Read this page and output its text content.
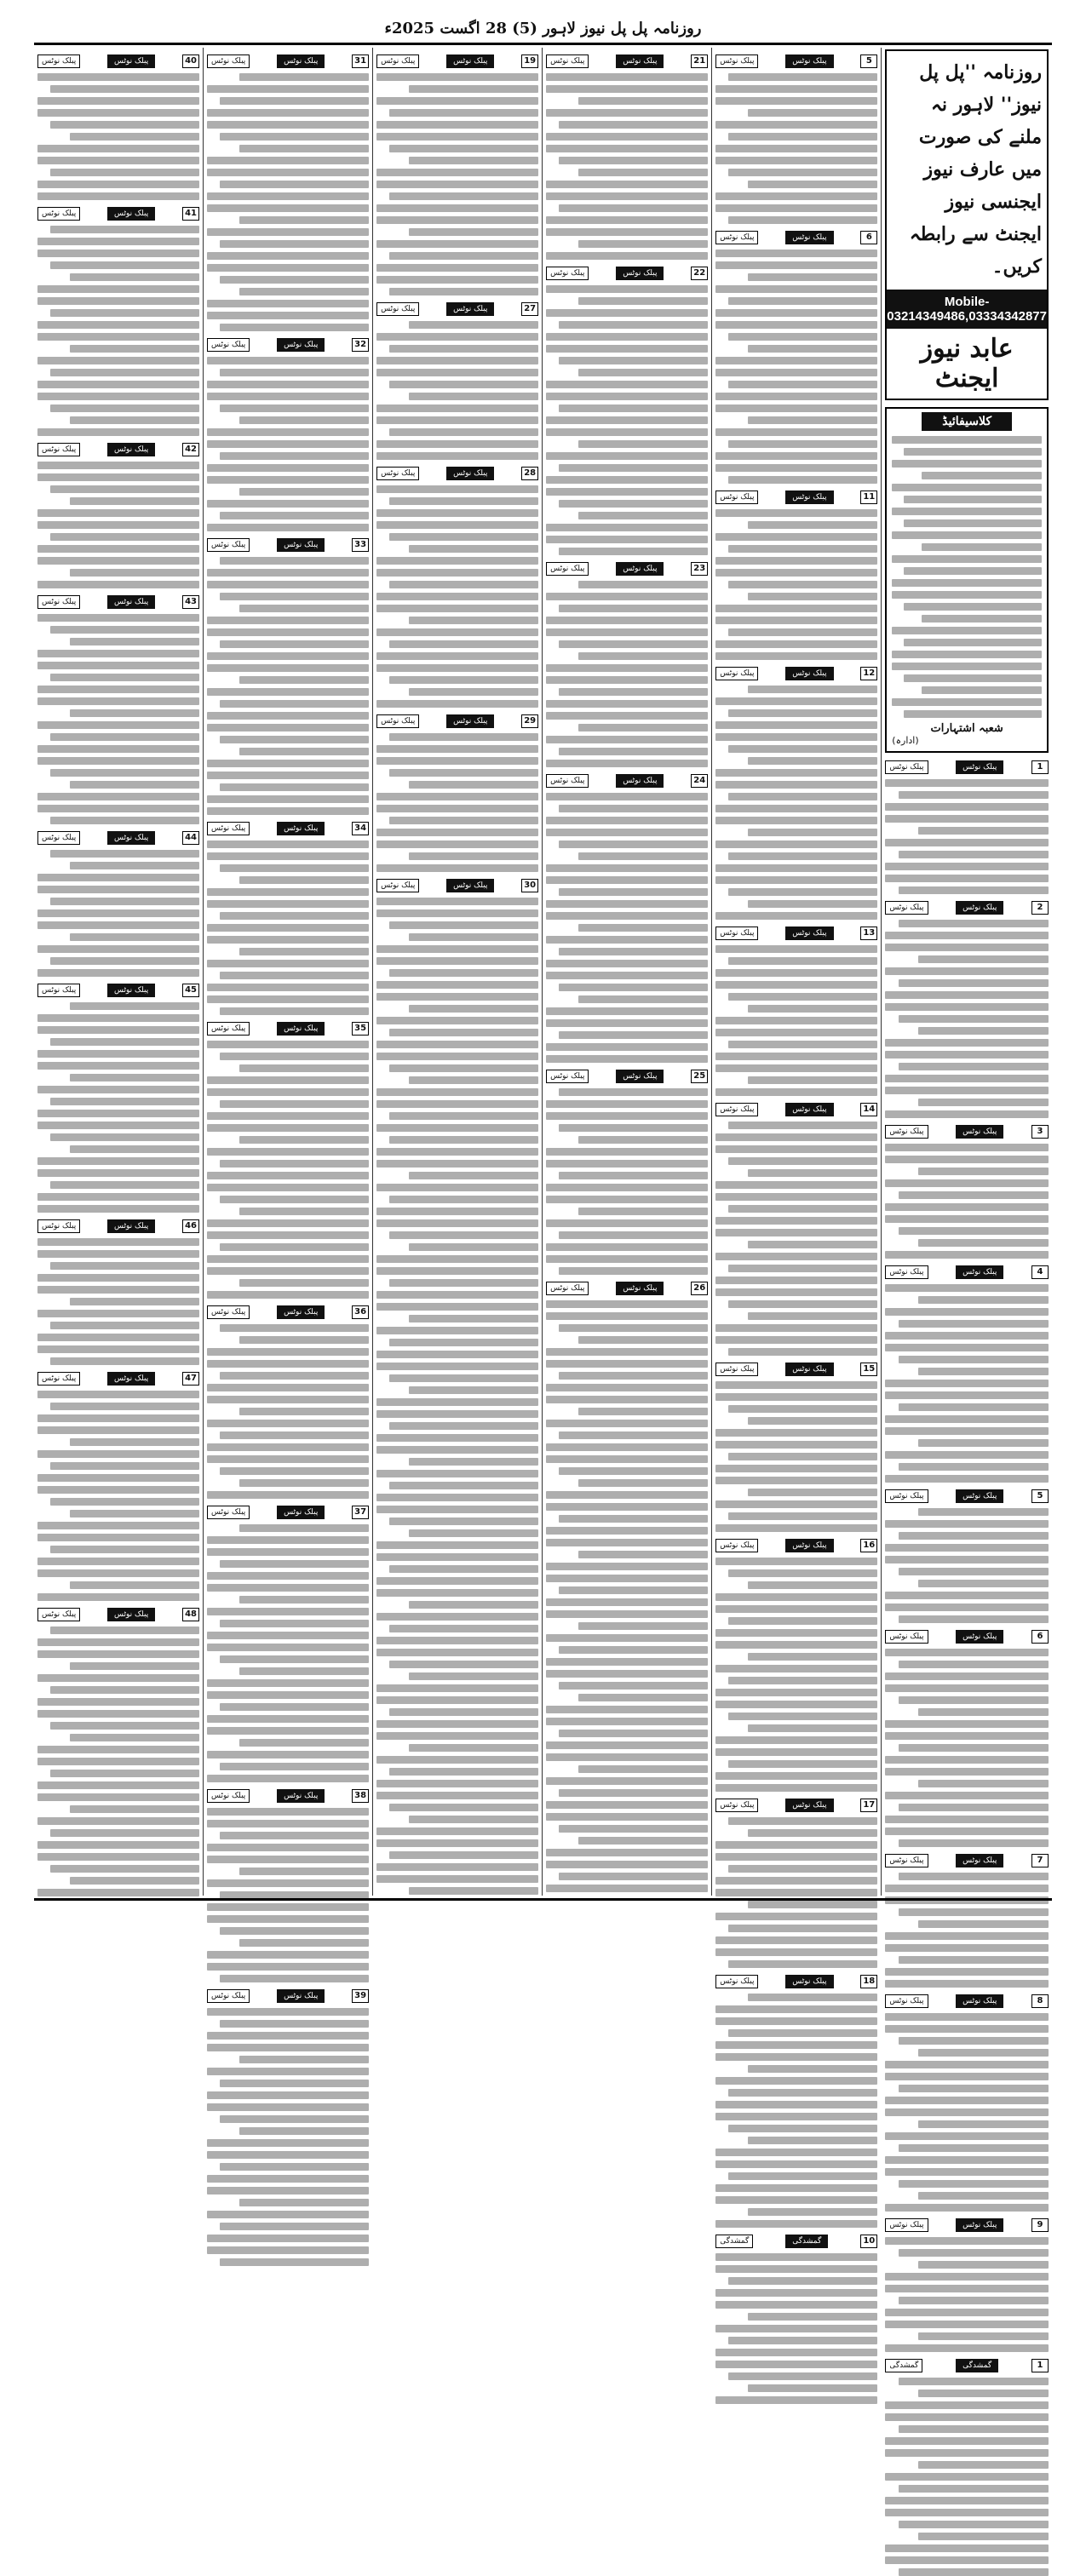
روزنامہ پل پل نیوز لاہور (5) 28 اگست 2025ء
روزنامہ ''پل پل نیوز'' لاہور نہ ملنے کی صورت میں عارف نیوز ایجنسی نیوز ایجنٹ سے رابطہ کریں۔
Mobile-03214349486,03334342877
عابد نیوز ایجنٹ
کلاسیفائیڈ
شعبہ اشتہارات
(ادارہ)
1
پبلک نوٹس
پبلک نوٹس
2
پبلک نوٹس
پبلک نوٹس
3
پبلک نوٹس
پبلک نوٹس
4
پبلک نوٹس
پبلک نوٹس
5
پبلک نوٹس
پبلک نوٹس
6
پبلک نوٹس
پبلک نوٹس
7
پبلک نوٹس
پبلک نوٹس
8
پبلک نوٹس
پبلک نوٹس
9
پبلک نوٹس
پبلک نوٹس
1
گمشدگی
گمشدگی
5
پبلک نوٹس
پبلک نوٹس
6
پبلک نوٹس
پبلک نوٹس
11
پبلک نوٹس
پبلک نوٹس
12
پبلک نوٹس
پبلک نوٹس
13
پبلک نوٹس
پبلک نوٹس
14
پبلک نوٹس
پبلک نوٹس
15
پبلک نوٹس
پبلک نوٹس
16
پبلک نوٹس
پبلک نوٹس
17
پبلک نوٹس
پبلک نوٹس
18
پبلک نوٹس
پبلک نوٹس
10
گمشدگی
گمشدگی
21
پبلک نوٹس
پبلک نوٹس
22
پبلک نوٹس
پبلک نوٹس
23
پبلک نوٹس
پبلک نوٹس
24
پبلک نوٹس
پبلک نوٹس
25
پبلک نوٹس
پبلک نوٹس
26
پبلک نوٹس
پبلک نوٹس
19
پبلک نوٹس
پبلک نوٹس
27
پبلک نوٹس
پبلک نوٹس
28
پبلک نوٹس
پبلک نوٹس
29
پبلک نوٹس
پبلک نوٹس
30
پبلک نوٹس
پبلک نوٹس
31
پبلک نوٹس
پبلک نوٹس
32
پبلک نوٹس
پبلک نوٹس
33
پبلک نوٹس
پبلک نوٹس
34
پبلک نوٹس
پبلک نوٹس
35
پبلک نوٹس
پبلک نوٹس
36
پبلک نوٹس
پبلک نوٹس
37
پبلک نوٹس
پبلک نوٹس
38
پبلک نوٹس
پبلک نوٹس
39
پبلک نوٹس
پبلک نوٹس
40
پبلک نوٹس
پبلک نوٹس
41
پبلک نوٹس
پبلک نوٹس
42
پبلک نوٹس
پبلک نوٹس
43
پبلک نوٹس
پبلک نوٹس
44
پبلک نوٹس
پبلک نوٹس
45
پبلک نوٹس
پبلک نوٹس
46
پبلک نوٹس
پبلک نوٹس
47
پبلک نوٹس
پبلک نوٹس
48
پبلک نوٹس
پبلک نوٹس
